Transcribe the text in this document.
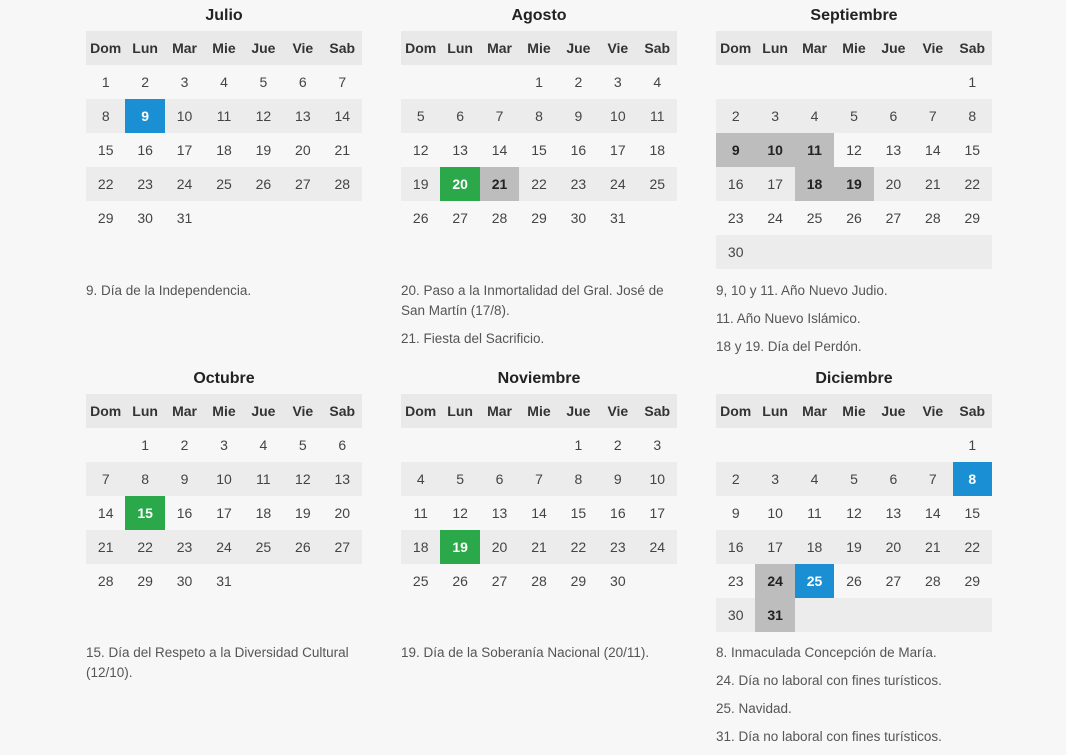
Julio
Dom	Lun	Mar	Mie	Jue	Vie	Sab
1	2	3	4	5	6	7
8	9	10	11	12	13	14
15	16	17	18	19	20	21
22	23	24	25	26	27	28
29	30	31				
9. Día de la Independencia.
Agosto
Dom	Lun	Mar	Mie	Jue	Vie	Sab
			1	2	3	4
5	6	7	8	9	10	11
12	13	14	15	16	17	18
19	20	21	22	23	24	25
26	27	28	29	30	31	
20. Paso a la Inmortalidad del Gral. José de San Martín (17/8).
21. Fiesta del Sacrificio.
Septiembre
Dom	Lun	Mar	Mie	Jue	Vie	Sab
						1
2	3	4	5	6	7	8
9	10	11	12	13	14	15
16	17	18	19	20	21	22
23	24	25	26	27	28	29
30						
9, 10 y 11. Año Nuevo Judio.
11. Año Nuevo Islámico.
18 y 19. Día del Perdón.
Octubre
Dom	Lun	Mar	Mie	Jue	Vie	Sab
	1	2	3	4	5	6
7	8	9	10	11	12	13
14	15	16	17	18	19	20
21	22	23	24	25	26	27
28	29	30	31			
15. Día del Respeto a la Diversidad Cultural (12/10).
Noviembre
Dom	Lun	Mar	Mie	Jue	Vie	Sab
				1	2	3
4	5	6	7	8	9	10
11	12	13	14	15	16	17
18	19	20	21	22	23	24
25	26	27	28	29	30	
19. Día de la Soberanía Nacional (20/11).
Diciembre
Dom	Lun	Mar	Mie	Jue	Vie	Sab
						1
2	3	4	5	6	7	8
9	10	11	12	13	14	15
16	17	18	19	20	21	22
23	24	25	26	27	28	29
30	31					
8. Inmaculada Concepción de María.
24. Día no laboral con fines turísticos.
25. Navidad.
31. Día no laboral con fines turísticos.
